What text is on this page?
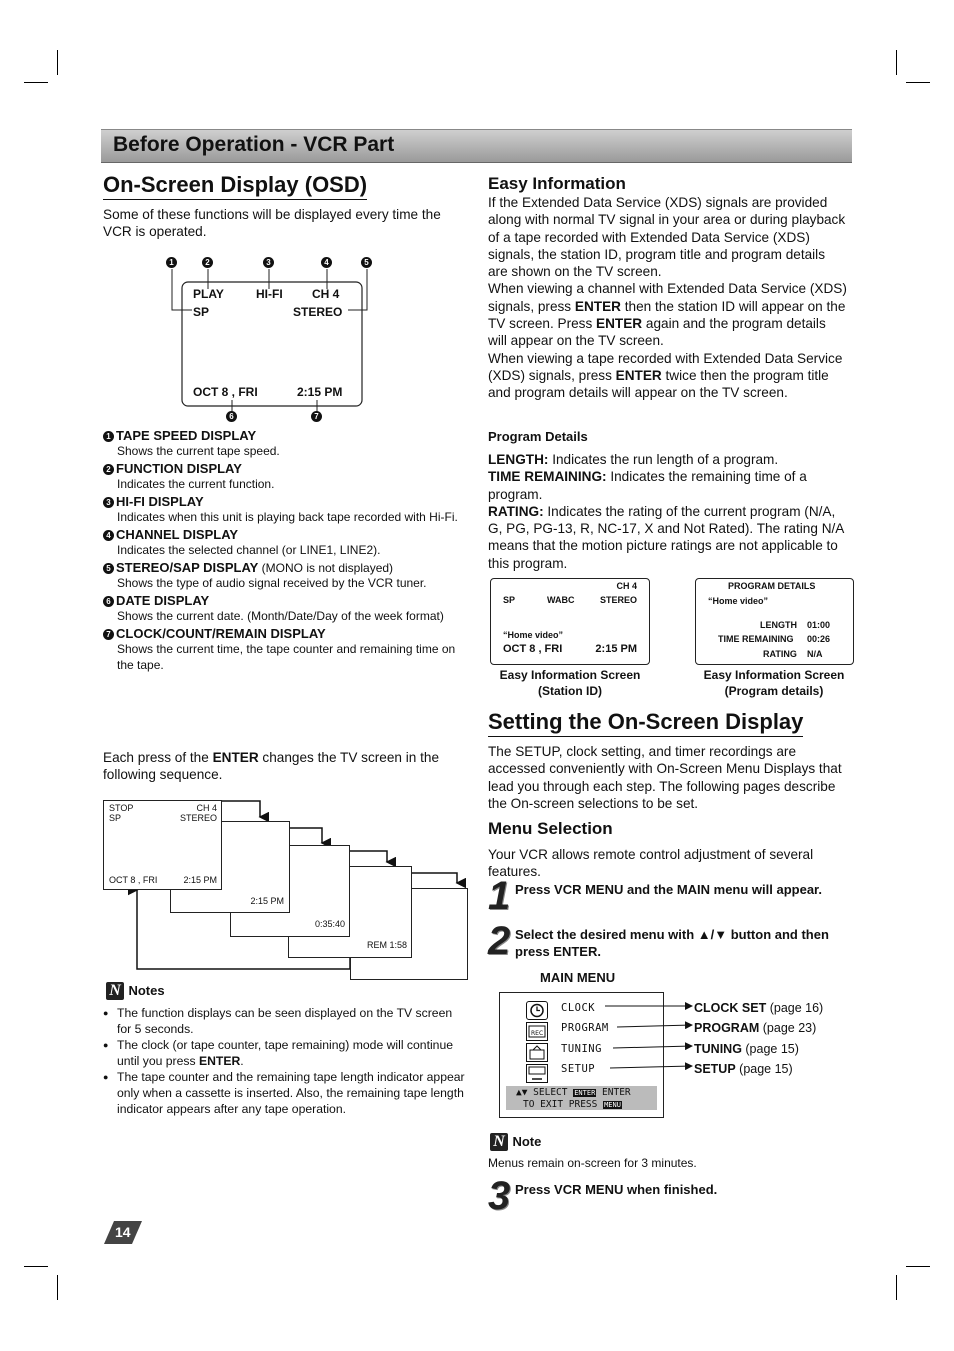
Before Operation - VCR Part
On-Screen Display (OSD)
Some of these functions will be displayed every time the VCR is operated.
1	2	3	4	5
6	7
PLAY	HI-FI CH 4
SP	STEREO
OCT 8 , FRI	2:15 PM
1 TAPE SPEED DISPLAY
Shows the current tape speed.
2 FUNCTION DISPLAY
Indicates the current function.
3 HI-FI DISPLAY
Indicates when this unit is playing back tape recorded with Hi-Fi.
4 CHANNEL DISPLAY
Indicates the selected channel (or LINE1, LINE2).
5 STEREO/SAP DISPLAY (MONO is not displayed)
Shows the type of audio signal received by the VCR tuner.
6 DATE DISPLAY
Shows the current date. (Month/Date/Day of the week format)
7 CLOCK/COUNT/REMAIN DISPLAY
Shows the current time, the tape counter and remaining time on the tape.
Each press of the ENTER changes the TV screen in the following sequence.
REM 1:58
0:35:40
2:15 PM
STOP	CH 4
SP	STEREO
OCT 8 , FRI	2:15 PM
N Notes
● The function displays can be seen displayed on the TV screen for 5 seconds.
● The clock (or tape counter, tape remaining) mode will continue until you press ENTER.
● The tape counter and the remaining tape length indicator appear only when a cassette is inserted. Also, the remaining tape length indicator appears after any tape operation.
14
Easy Information
If the Extended Data Service (XDS) signals are provided along with normal TV signal in your area or during playback of a tape recorded with Extended Data Service (XDS) signals, the station ID, program title and program details are shown on the TV screen.
When viewing a channel with Extended Data Service (XDS) signals, press ENTER then the station ID will appear on the TV screen. Press ENTER again and the program details will appear on the TV screen.
When viewing a tape recorded with Extended Data Service (XDS) signals, press ENTER twice then the program title and program details will appear on the TV screen.
Program Details
LENGTH: Indicates the run length of a program.
TIME REMAINING: Indicates the remaining time of a program.
RATING: Indicates the rating of the current program (N/A, G, PG, PG-13, R, NC-17, X and Not Rated). The rating N/A means that the motion picture ratings are not applicable to this program.
CH 4
SP	WABC	STEREO
“Home video”
OCT 8 , FRI	2:15 PM
PROGRAM DETAILS
“Home video”
LENGTH 01:00
TIME REMAINING 00:26
RATING N/A
Easy Information Screen (Station ID)
Easy Information Screen (Program details)
Setting the On-Screen Display
The SETUP, clock setting, and timer recordings are accessed conveniently with On-Screen Menu Displays that lead you through each step. The following pages describe the On-screen selections to be set.
Menu Selection
Your VCR allows remote control adjustment of several features.
1 Press VCR MENU and the MAIN menu will appear.
2 Select the desired menu with ▲/▼ button and then press ENTER.
MAIN MENU
REC
CLOCK
PROGRAM
TUNING
SETUP
▲▼ SELECT ENTER ENTER
TO EXIT PRESS MENU
CLOCK SET (page 16)
PROGRAM (page 23)
TUNING (page 15)
SETUP (page 15)
N Note
Menus remain on-screen for 3 minutes.
3 Press VCR MENU when finished.
